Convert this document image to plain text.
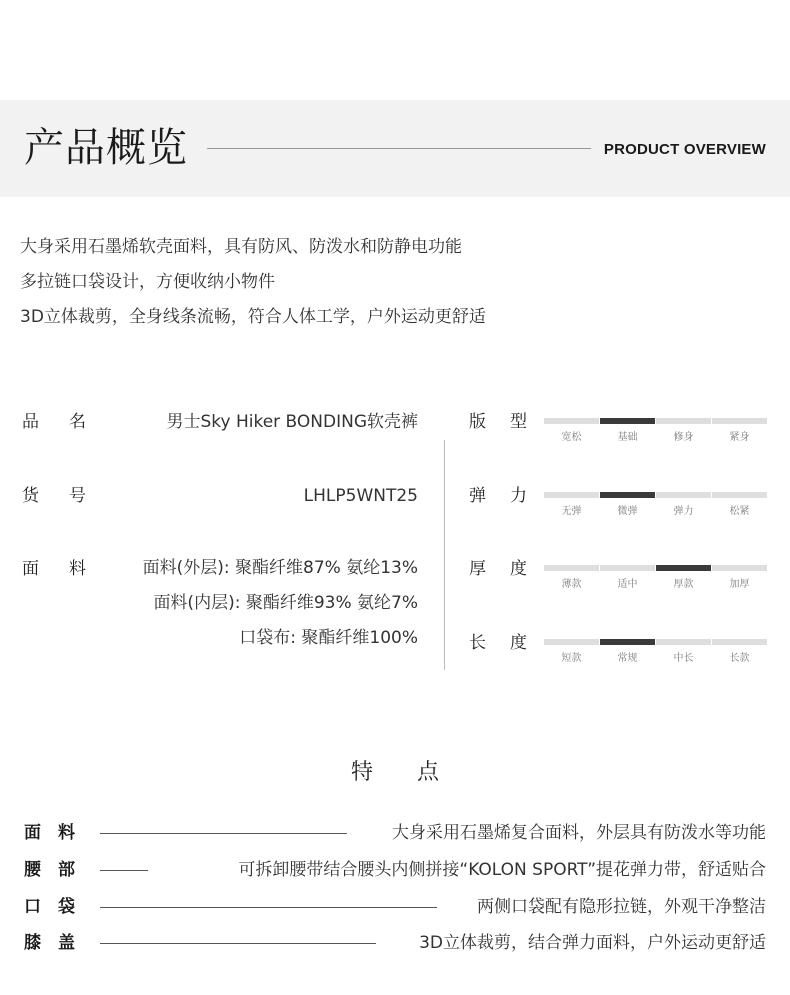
产品概览	PRODUCT OVERVIEW
大身采用石墨烯软壳面料，具有防风、防泼水和防静电功能
多拉链口袋设计，方便收纳小物件
3D立体裁剪，全身线条流畅，符合人体工学，户外运动更舒适
品 名	男士Sky Hiker BONDING软壳裤
货 号	LHLP5WNT25
面 料	面料(外层): 聚酯纤维87% 氨纶13%
面料(内层): 聚酯纤维93% 氨纶7%
口袋布: 聚酯纤维100%
版 型
宽松	基础	修身	紧身
弹 力
无弹	微弹	弹力	松紧
厚 度
薄款	适中	厚款	加厚
长 度
短款	常规	中长	长款
特点
面 料	大身采用石墨烯复合面料，外层具有防泼水等功能
腰 部	可拆卸腰带结合腰头内侧拼接“KOLON SPORT”提花弹力带，舒适贴合
口 袋	两侧口袋配有隐形拉链，外观干净整洁
膝 盖	3D立体裁剪，结合弹力面料，户外运动更舒适
